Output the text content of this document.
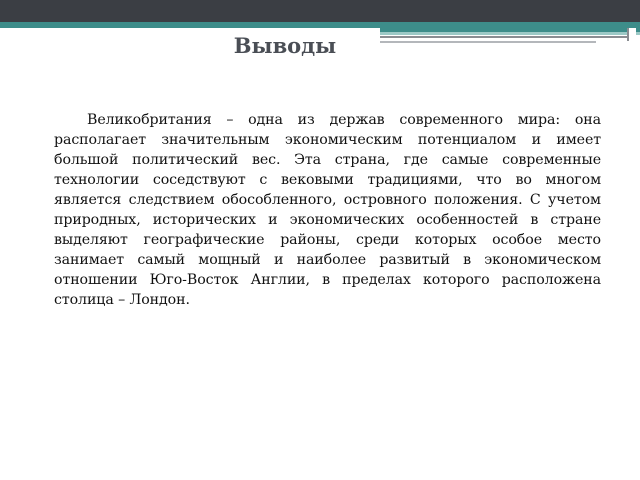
Выводы

Великобритания – одна из держав современного мира: она располагает значительным экономическим потенциалом и имеет большой политический вес. Эта страна, где самые современные технологии соседствуют с вековыми традициями, что во многом является следствием обособленного, островного положения. С учетом природных, исторических и экономических особенностей в стране выделяют географические районы, среди которых особое место занимает самый мощный и наиболее развитый в экономическом отношении Юго-Восток Англии, в пределах которого расположена столица – Лондон.
